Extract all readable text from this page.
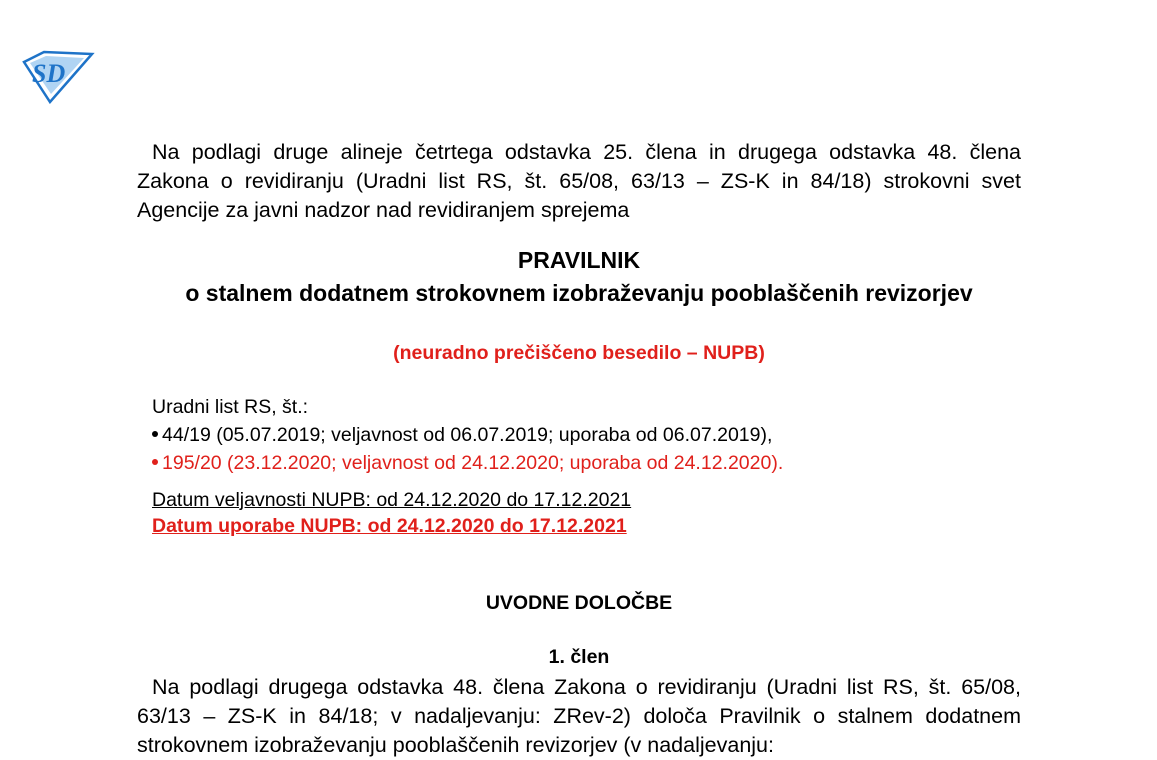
SD
Na podlagi druge alineje četrtega odstavka 25. člena in drugega odstavka 48. člena Zakona o revidiranju (Uradni list RS, št. 65/08, 63/13 – ZS-K in 84/18) strokovni svet Agencije za javni nadzor nad revidiranjem sprejema
PRAVILNIK
o stalnem dodatnem strokovnem izobraževanju pooblaščenih revizorjev
(neuradno prečiščeno besedilo – NUPB)
Uradni list RS, št.:
44/19 (05.07.2019; veljavnost od 06.07.2019; uporaba od 06.07.2019),
195/20 (23.12.2020; veljavnost od 24.12.2020; uporaba od 24.12.2020).
Datum veljavnosti NUPB: od 24.12.2020 do 17.12.2021
Datum uporabe NUPB: od 24.12.2020 do 17.12.2021
UVODNE DOLOČBE
1. člen
Na podlagi drugega odstavka 48. člena Zakona o revidiranju (Uradni list RS, št. 65/08, 63/13 – ZS-K in 84/18; v nadaljevanju: ZRev-2) določa Pravilnik o stalnem dodatnem strokovnem izobraževanju pooblaščenih revizorjev (v nadaljevanju:
